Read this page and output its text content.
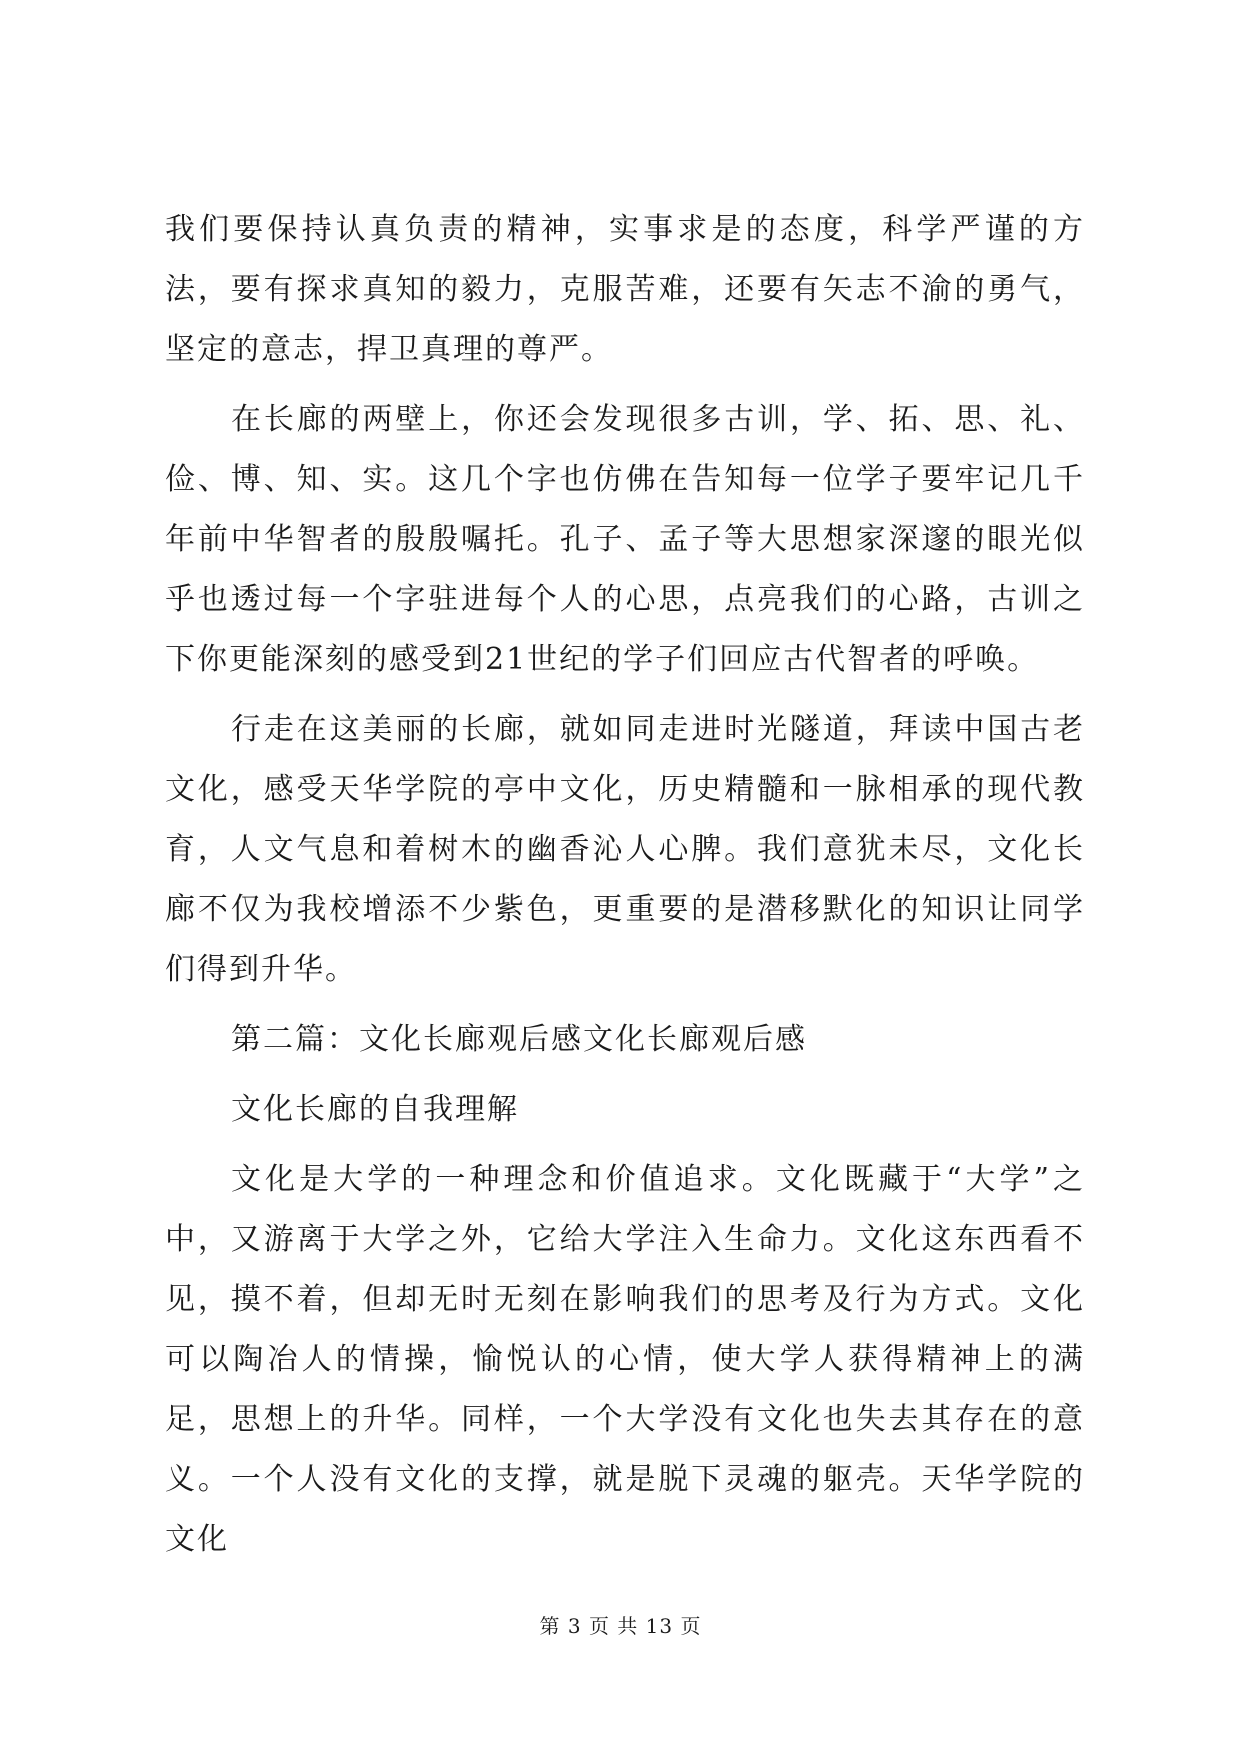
我们要保持认真负责的精神，实事求是的态度，科学严谨的方法，要有探求真知的毅力，克服苦难，还要有矢志不渝的勇气，坚定的意志，捍卫真理的尊严。

在长廊的两壁上，你还会发现很多古训，学、拓、思、礼、俭、博、知、实。这几个字也仿佛在告知每一位学子要牢记几千年前中华智者的殷殷嘱托。孔子、孟子等大思想家深邃的眼光似乎也透过每一个字驻进每个人的心思，点亮我们的心路，古训之下你更能深刻的感受到21世纪的学子们回应古代智者的呼唤。

行走在这美丽的长廊，就如同走进时光隧道，拜读中国古老文化，感受天华学院的亭中文化，历史精髓和一脉相承的现代教育，人文气息和着树木的幽香沁人心脾。我们意犹未尽，文化长廊不仅为我校增添不少紫色，更重要的是潜移默化的知识让同学们得到升华。

第二篇：文化长廊观后感文化长廊观后感

文化长廊的自我理解

文化是大学的一种理念和价值追求。文化既藏于“大学”之中，又游离于大学之外，它给大学注入生命力。文化这东西看不见，摸不着，但却无时无刻在影响我们的思考及行为方式。文化可以陶冶人的情操，愉悦认的心情，使大学人获得精神上的满足，思想上的升华。同样，一个大学没有文化也失去其存在的意义。一个人没有文化的支撑，就是脱下灵魂的躯壳。天华学院的文化

第 3 页 共 13 页
